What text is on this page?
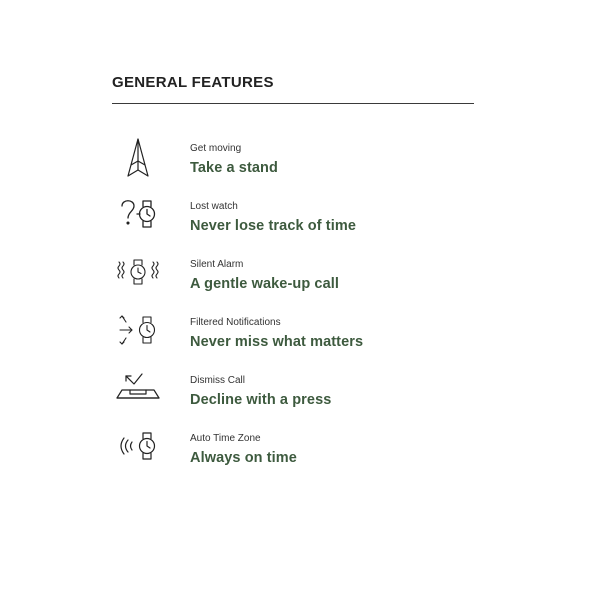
GENERAL FEATURES
Get moving
Take a stand
Lost watch
Never lose track of time
Silent Alarm
A gentle wake-up call
Filtered Notifications
Never miss what matters
Dismiss Call
Decline with a press
Auto Time Zone
Always on time
